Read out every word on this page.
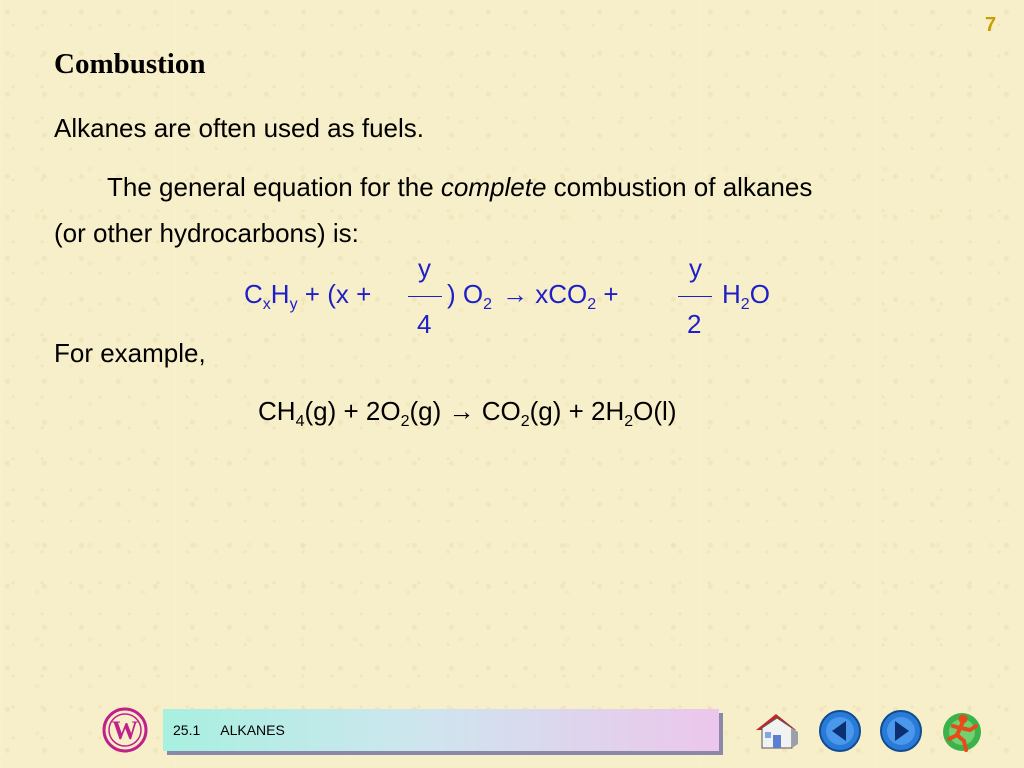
7
Combustion
Alkanes are often used as fuels.
The general equation for the complete combustion of alkanes
(or other hydrocarbons) is:
$C_xH_y + (x$ +
y
4
) $O_2 \to xCO_2$ +
y
2
$H_2O$
For example,
$CH_4(g) + 2O_2(g) \to CO_2(g) + 2H_2O(l)$
W	25.1 ALKANES
